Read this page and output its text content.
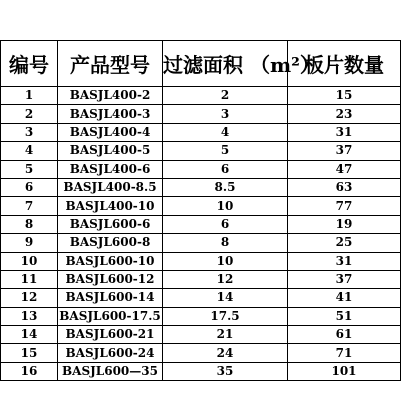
编号	产品型号	过滤面积 （m²）	板片数量
1	BASJL400-2	2	15
2	BASJL400-3	3	23
3	BASJL400-4	4	31
4	BASJL400-5	5	37
5	BASJL400-6	6	47
6	BASJL400-8.5	8.5	63
7	BASJL400-10	10	77
8	BASJL600-6	6	19
9	BASJL600-8	8	25
10	BASJL600-10	10	31
11	BASJL600-12	12	37
12	BASJL600-14	14	41
13	BASJL600-17.5	17.5	51
14	BASJL600-21	21	61
15	BASJL600-24	24	71
16	BASJL600—35	35	101
